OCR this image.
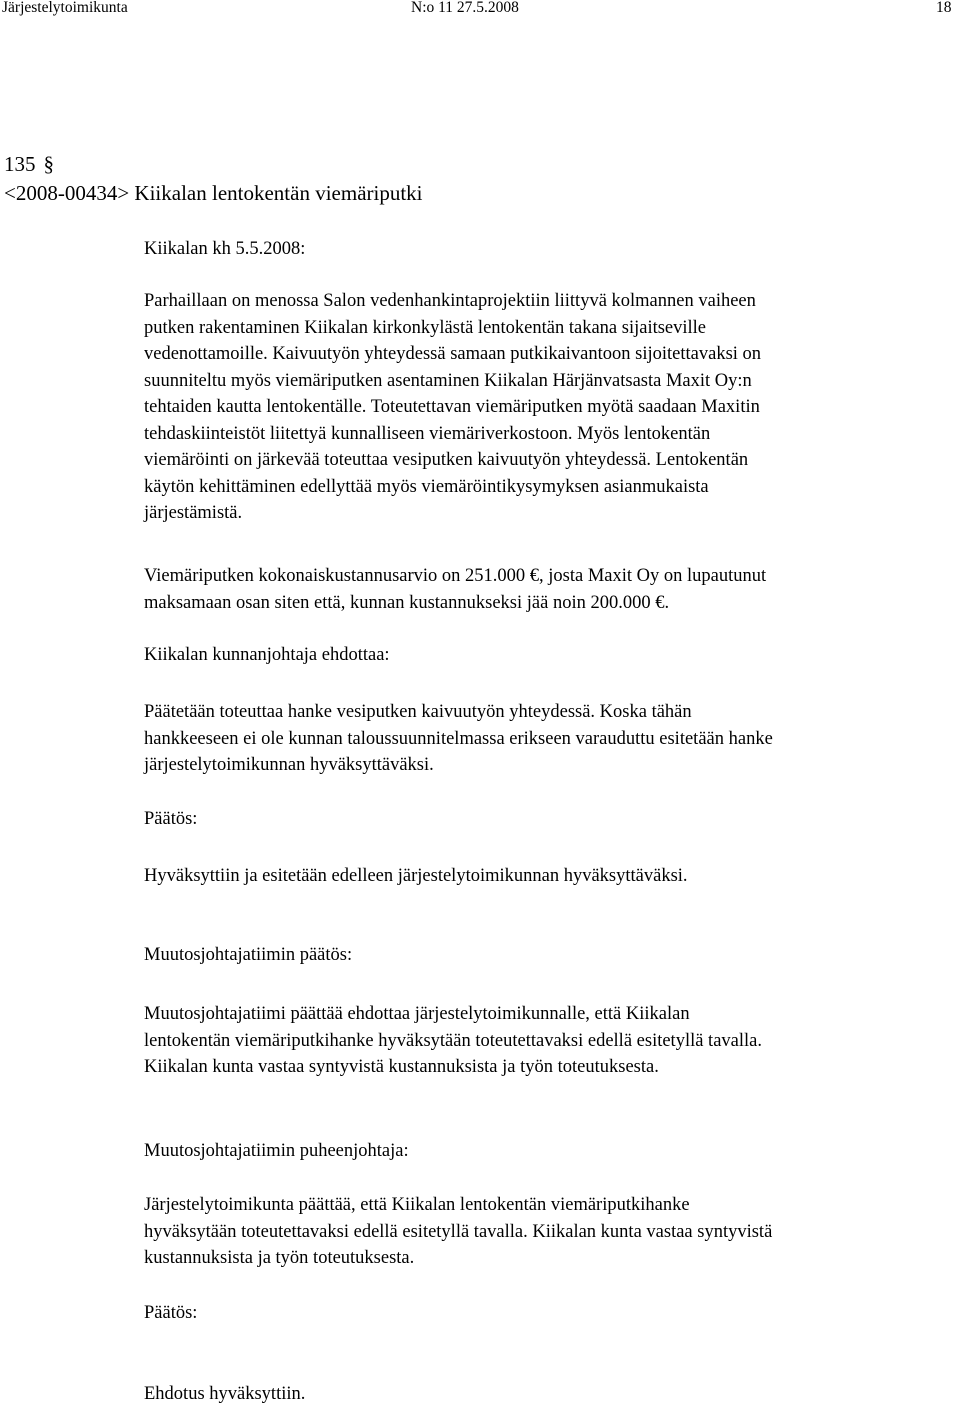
Järjestelytoimikunta	N:o 11 27.5.2008	18
135 §
<2008-00434> Kiikalan lentokentän viemäriputki
Kiikalan kh 5.5.2008:
Parhaillaan on menossa Salon vedenhankintaprojektiin liittyvä kolmannen vaiheen
putken rakentaminen Kiikalan kirkonkylästä lentokentän takana sijaitseville
vedenottamoille. Kaivuutyön yhteydessä samaan putkikaivantoon sijoitettavaksi on
suunniteltu myös viemäriputken asentaminen Kiikalan Härjänvatsasta Maxit Oy:n
tehtaiden kautta lentokentälle. Toteutettavan viemäriputken myötä saadaan Maxitin
tehdaskiinteistöt liitettyä kunnalliseen viemäriverkostoon. Myös lentokentän
viemäröinti on järkevää toteuttaa vesiputken kaivuutyön yhteydessä. Lentokentän
käytön kehittäminen edellyttää myös viemäröintikysymyksen asianmukaista
järjestämistä.
Viemäriputken kokonaiskustannusarvio on 251.000 €, josta Maxit Oy on lupautunut
maksamaan osan siten että, kunnan kustannukseksi jää noin 200.000 €.
Kiikalan kunnanjohtaja ehdottaa:
Päätetään toteuttaa hanke vesiputken kaivuutyön yhteydessä. Koska tähän
hankkeeseen ei ole kunnan taloussuunnitelmassa erikseen varauduttu esitetään hanke
järjestelytoimikunnan hyväksyttäväksi.
Päätös:
Hyväksyttiin ja esitetään edelleen järjestelytoimikunnan hyväksyttäväksi.
Muutosjohtajatiimin päätös:
Muutosjohtajatiimi päättää ehdottaa järjestelytoimikunnalle, että Kiikalan
lentokentän viemäriputkihanke hyväksytään toteutettavaksi edellä esitetyllä tavalla.
Kiikalan kunta vastaa syntyvistä kustannuksista ja työn toteutuksesta.
Muutosjohtajatiimin puheenjohtaja:
Järjestelytoimikunta päättää, että Kiikalan lentokentän viemäriputkihanke
hyväksytään toteutettavaksi edellä esitetyllä tavalla. Kiikalan kunta vastaa syntyvistä
kustannuksista ja työn toteutuksesta.
Päätös:
Ehdotus hyväksyttiin.
